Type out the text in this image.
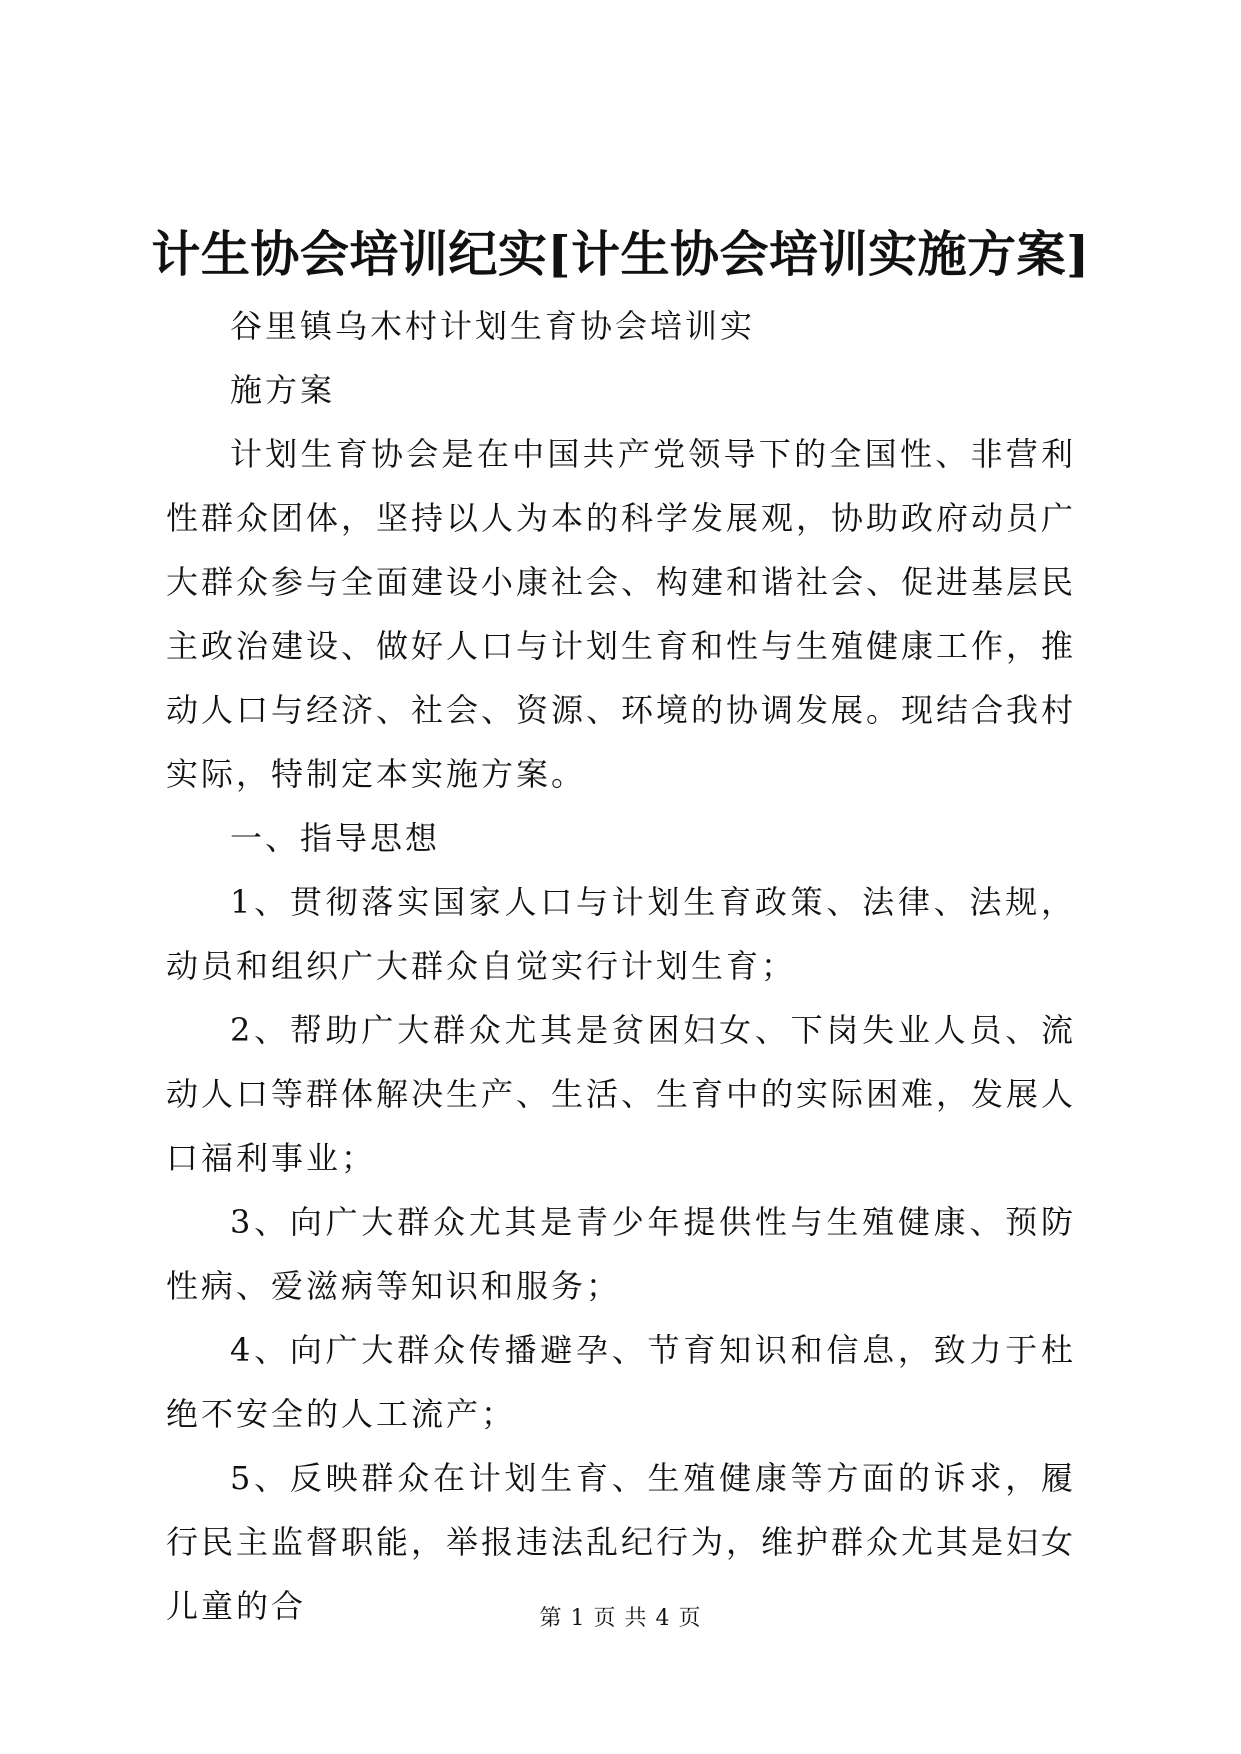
计生协会培训纪实[计生协会培训实施方案]

谷里镇乌木村计划生育协会培训实

施方案

计划生育协会是在中国共产党领导下的全国性、非营利性群众团体，坚持以人为本的科学发展观，协助政府动员广大群众参与全面建设小康社会、构建和谐社会、促进基层民主政治建设、做好人口与计划生育和性与生殖健康工作，推动人口与经济、社会、资源、环境的协调发展。现结合我村实际，特制定本实施方案。

一、指导思想

1、贯彻落实国家人口与计划生育政策、法律、法规，动员和组织广大群众自觉实行计划生育；

2、帮助广大群众尤其是贫困妇女、下岗失业人员、流动人口等群体解决生产、生活、生育中的实际困难，发展人口福利事业；

3、向广大群众尤其是青少年提供性与生殖健康、预防性病、爱滋病等知识和服务；

4、向广大群众传播避孕、节育知识和信息，致力于杜绝不安全的人工流产；

5、反映群众在计划生育、生殖健康等方面的诉求，履行民主监督职能，举报违法乱纪行为，维护群众尤其是妇女儿童的合	第 1 页 共 4 页
